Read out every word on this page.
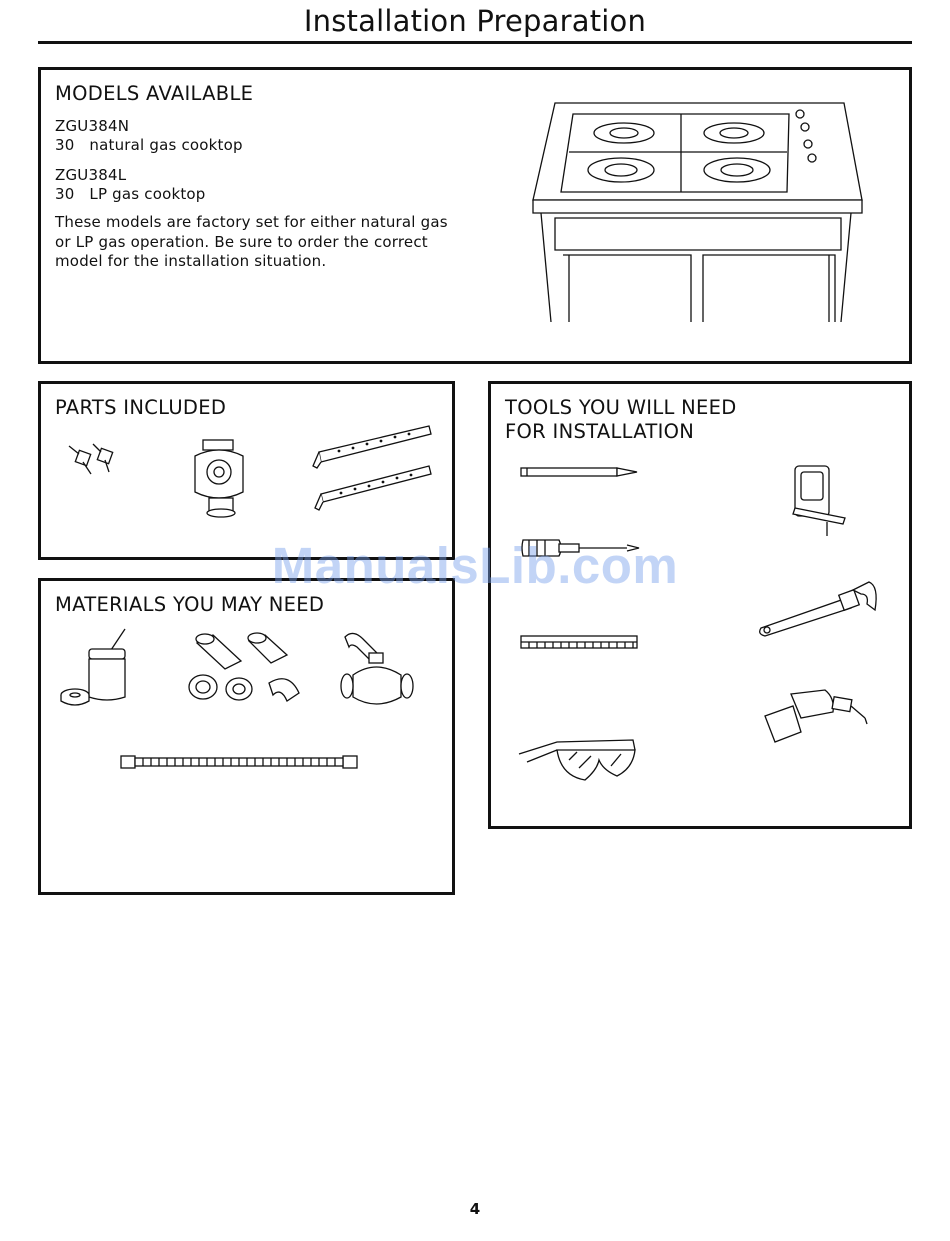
Installation Preparation
MODELS AVAILABLE
ZGU384N
30   natural gas cooktop
ZGU384L
30   LP gas cooktop
These models are factory set for either natural gas or LP gas operation. Be sure to order the correct model for the installation situation.
PARTS INCLUDED
MATERIALS YOU MAY NEED
TOOLS YOU WILL NEED
FOR INSTALLATION
ManualsLib.com
4
